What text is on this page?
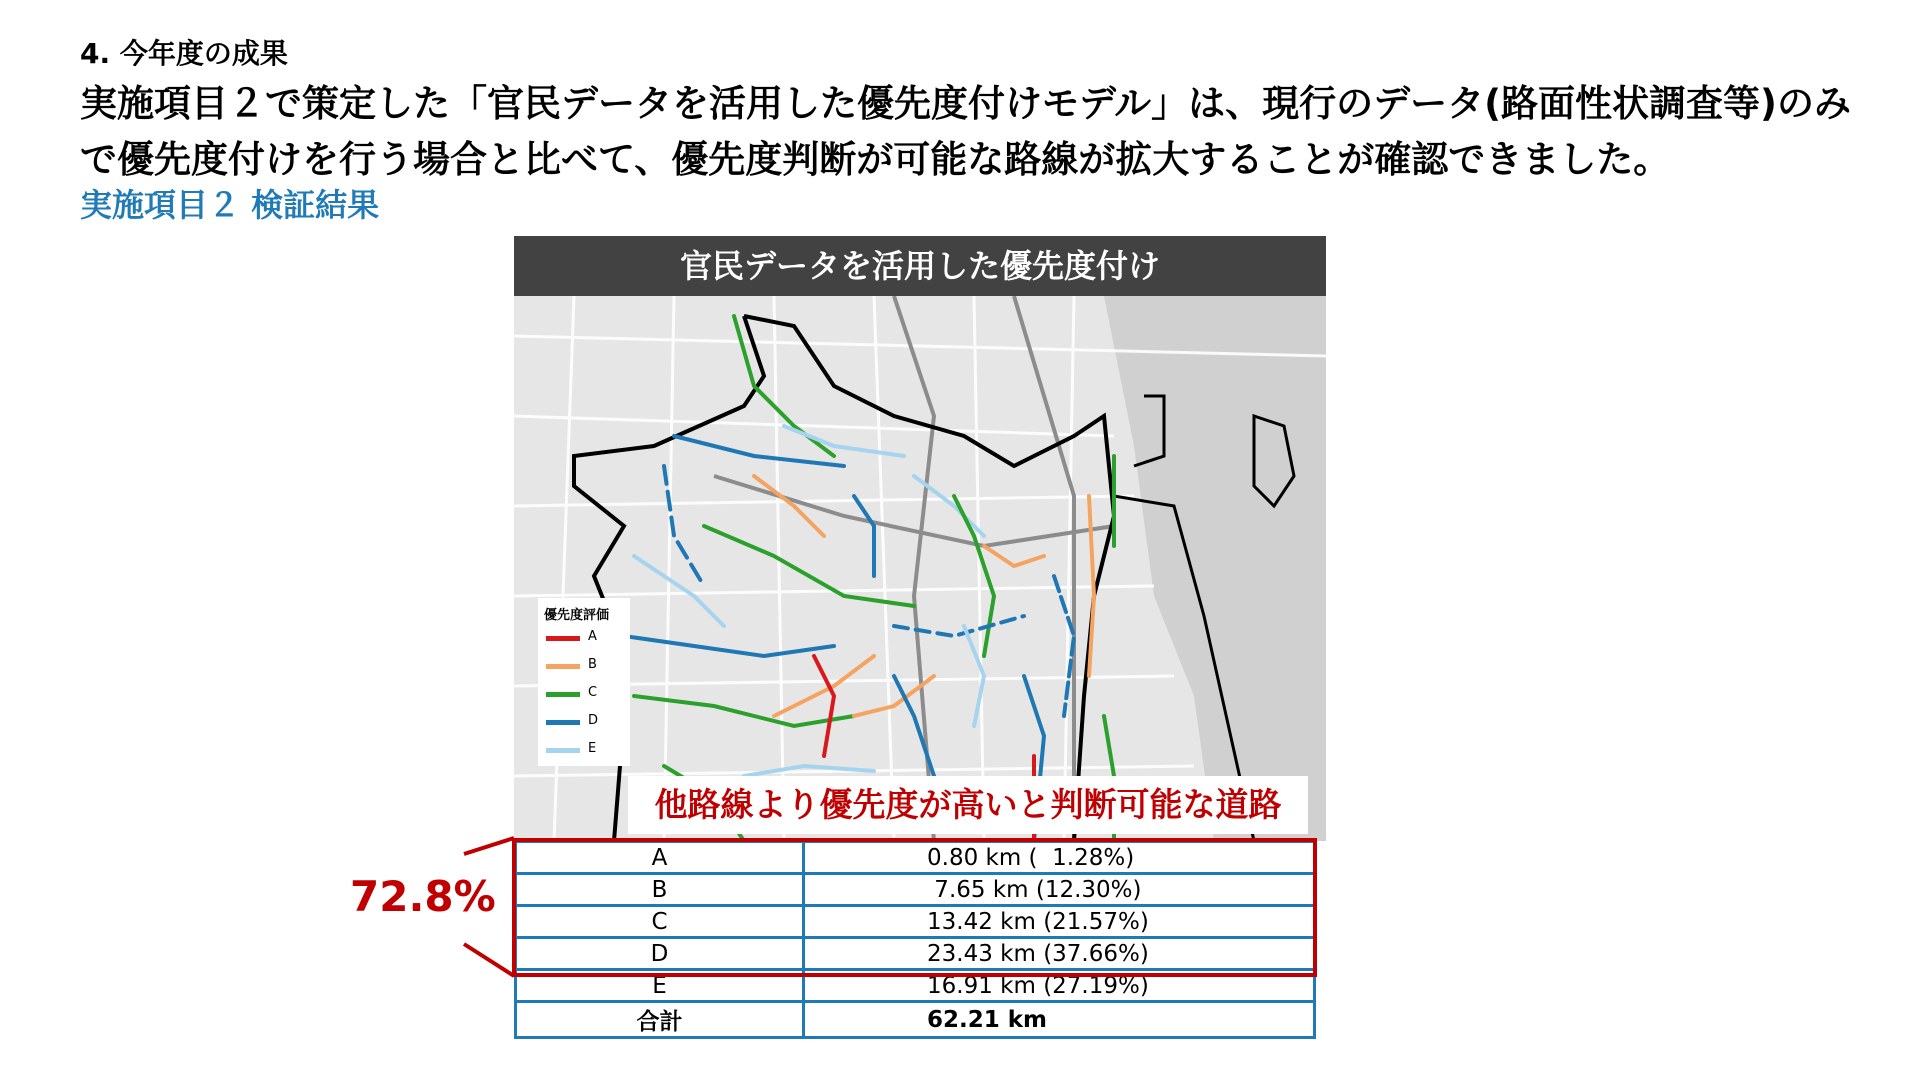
4. 今年度の成果
実施項目２で策定した「官民データを活用した優先度付けモデル」は、現行のデータ(路面性状調査等)のみ
で優先度付けを行う場合と比べて、優先度判断が可能な路線が拡大することが確認できました。
実施項目２ 検証結果
官民データを活用した優先度付け
優先度評価
A
B
C
D
E
他路線より優先度が高いと判断可能な道路
72.8%
A	0.80 km (  1.28%)
B	7.65 km (12.30%)
C	13.42 km (21.57%)
D	23.43 km (37.66%)
E	16.91 km (27.19%)
合計	62.21 km
